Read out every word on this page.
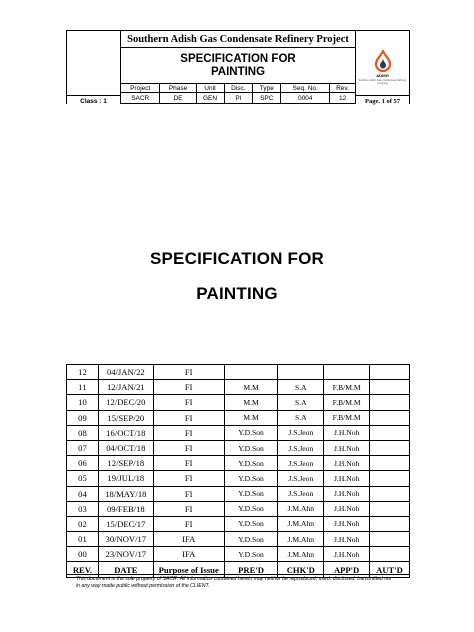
	Southern Adish Gas Condensate Refinery Project							ADISH
Southern Adish Gas Condensate Refinery Company

	SPECIFICATION FOR
PAINTING							

	Project	Phase	Unit	Disc.	Type	Seq. No.	Rev.	
	SACR	DE	GEN	PI	SPC	0004	12	
Class : 1	Page. 1 of 57
SPECIFICATION FOR
PAINTING
12	04/JAN/22	FI				
11	12/JAN/21	FI	M.M	S.A	F.B/M.M	
10	12/DEC/20	FI	M.M	S.A	F.B/M.M	
09	15/SEP/20	FI	M.M	S.A	F.B/M.M	
08	16/OCT/18	FI	Y.D.Son	J.S.Jeon	J.H.Noh	
07	04/OCT/18	FI	Y.D.Son	J.S.Jeon	J.H.Noh	
06	12/SEP/18	FI	Y.D.Son	J.S.Jeon	J.H.Noh	
05	19/JUL/18	FI	Y.D.Son	J.S.Jeon	J.H.Noh	
04	18/MAY/18	FI	Y.D.Son	J.S.Jeon	J.H.Noh	
03	09/FEB/18	FI	Y.D.Son	J.M.Ahn	J.H.Noh	
02	15/DEC/17	FI	Y.D.Son	J.M.Ahn	J.H.Noh	
01	30/NOV/17	IFA	Y.D.Son	J.M.Ahn	J.H.Noh	
00	23/NOV/17	IFA	Y.D.Son	J.M.Ahn	J.H.Noh	
REV.	DATE	Purpose of Issue	PRE'D	CHK'D	APP'D	AUT'D
This document is the sole property of SACR. All information contained herein may neither be reproduced, used, disclosed, transmitted nor
in any way made public without permission of the CLIENT.
